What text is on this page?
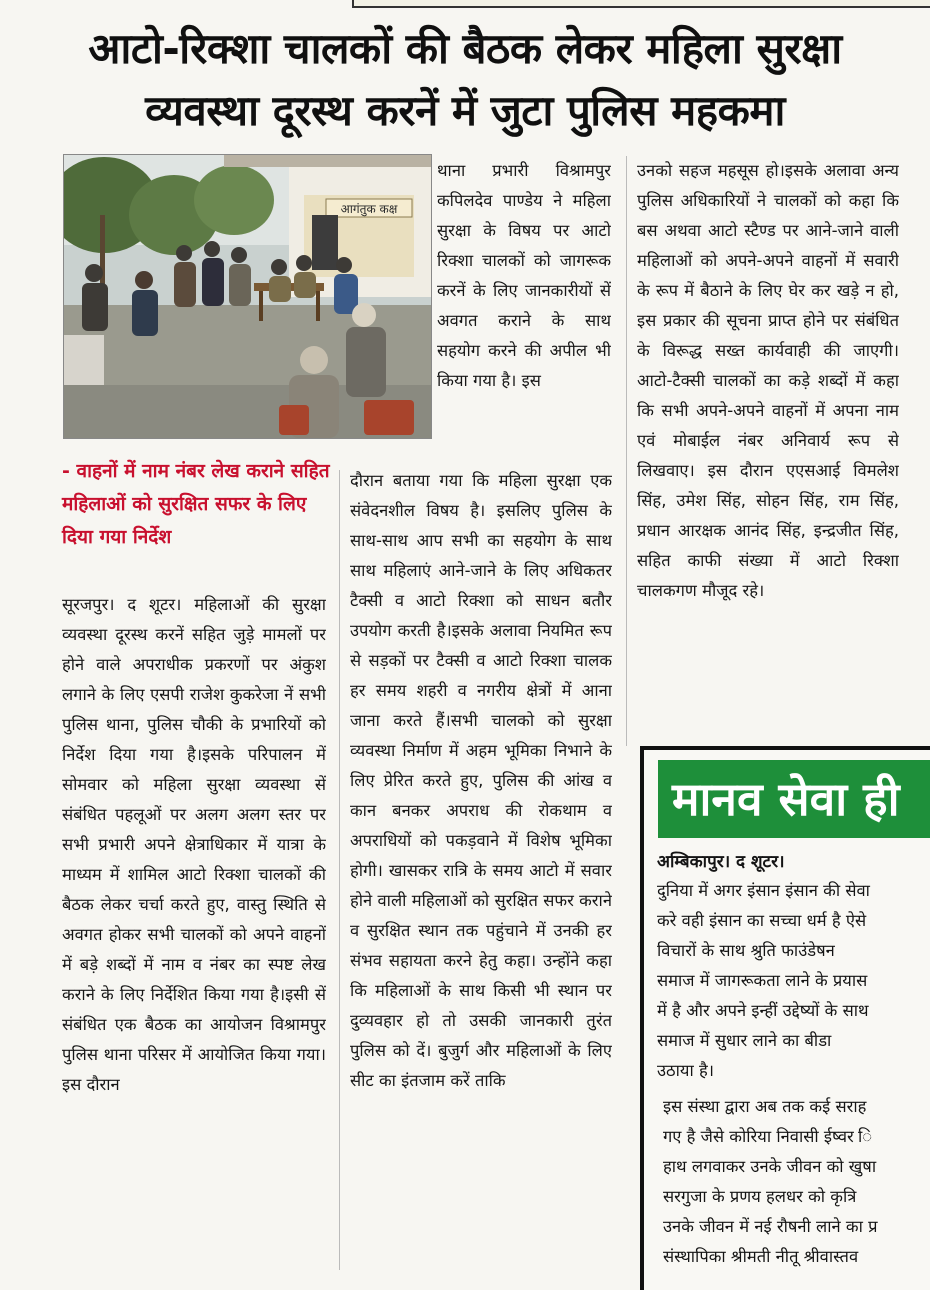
आटो-रिक्शा चालकों की बैठक लेकर महिला सुरक्षा
व्यवस्था दूरस्थ करनें में जुटा पुलिस महकमा
आगंतुक कक्ष

- वाहनों में नाम नंबर लेख कराने सहित महिलाओं को सुरक्षित सफर के लिए दिया गया निर्देश

सूरजपुर। द शूटर। महिलाओं की सुरक्षा व्यवस्था दूरस्थ करनें सहित जुड़े मामलों पर होने वाले अपराधीक प्रकरणों पर अंकुश लगाने के लिए एसपी राजेश कुकरेजा नें सभी पुलिस थाना, पुलिस चौकी के प्रभारियों को निर्देश दिया गया है।इसके परिपालन में सोमवार को महिला सुरक्षा व्यवस्था सें संबंधित पहलूओं पर अलग अलग स्तर पर सभी प्रभारी अपने क्षेत्राधिकार में यात्रा के माध्यम में शामिल आटो रिक्शा चालकों की बैठक लेकर चर्चा करते हुए, वास्तु स्थिति से अवगत होकर सभी चालकों को अपने वाहनों में बड़े शब्दों में नाम व नंबर का स्पष्ट लेख कराने के लिए निर्देशित किया गया है।इसी सें संबंधित एक बैठक का आयोजन विश्रामपुर पुलिस थाना परिसर में आयोजित किया गया।इस दौरान

थाना प्रभारी विश्रामपुर कपिलदेव पाण्डेय ने महिला सुरक्षा के विषय पर आटो रिक्शा चालकों को जागरूक करनें के लिए जानकारीयों सें अवगत कराने के साथ सहयोग करने की अपील भी किया गया है। इस

दौरान बताया गया कि महिला सुरक्षा एक संवेदनशील विषय है। इसलिए पुलिस के साथ-साथ आप सभी का सहयोग के साथ साथ महिलाएं आने-जाने के लिए अधिकतर टैक्सी व आटो रिक्शा को साधन बतौर उपयोग करती है।इसके अलावा नियमित रूप से सड़कों पर टैक्सी व आटो रिक्शा चालक हर समय शहरी व नगरीय क्षेत्रों में आना जाना करते हैं।सभी चालको को सुरक्षा व्यवस्था निर्माण में अहम भूमिका निभाने के लिए प्रेरित करते हुए, पुलिस की आंख व कान बनकर अपराध की रोकथाम व अपराधियों को पकड़वाने में विशेष भूमिका होगी। खासकर रात्रि के समय आटो में सवार होने वाली महिलाओं को सुरक्षित सफर कराने व सुरक्षित स्थान तक पहुंचाने में उनकी हर संभव सहायता करने हेतु कहा। उन्होंने कहा कि महिलाओं के साथ किसी भी स्थान पर दुव्यवहार हो तो उसकी जानकारी तुरंत पुलिस को दें। बुजुर्ग और महिलाओं के लिए सीट का इंतजाम करें ताकि

उनको सहज महसूस हो।इसके अलावा अन्य पुलिस अधिकारियों ने चालकों को कहा कि बस अथवा आटो स्टैण्ड पर आने-जाने वाली महिलाओं को अपने-अपने वाहनों में सवारी के रूप में बैठाने के लिए घेर कर खड़े न हो, इस प्रकार की सूचना प्राप्त होने पर संबंधित के विरूद्ध सख्त कार्यवाही की जाएगी। आटो-टैक्सी चालकों का कड़े शब्दों में कहा कि सभी अपने-अपने वाहनों में अपना नाम एवं मोबाईल नंबर अनिवार्य रूप से लिखवाए। इस दौरान एएसआई विमलेश सिंह, उमेश सिंह, सोहन सिंह, राम सिंह, प्रधान आरक्षक आनंद सिंह, इन्द्रजीत सिंह, सहित काफी संख्या में आटो रिक्शा चालकगण मौजूद रहे।

मानव सेवा ही

अम्बिकापुर। द शूटर।

दुनिया में अगर इंसान इंसान की सेवा
करे वही इंसान का सच्चा धर्म है ऐसे
विचारों के साथ श्रुति फाउंडेषन
समाज में जागरूकता लाने के प्रयास
में है और अपने इन्हीं उद्देष्यों के साथ
समाज में सुधार लाने का बीडा
उठाया है।

इस संस्था द्वारा अब तक कई सराह
गए है जैसे कोरिया निवासी ईष्वर ि
हाथ लगवाकर उनके जीवन को खुषा
सरगुजा के प्रणय हलधर को कृत्रि
उनके जीवन में नई रौषनी लाने का प्र
संस्थापिका श्रीमती नीतू श्रीवास्तव
